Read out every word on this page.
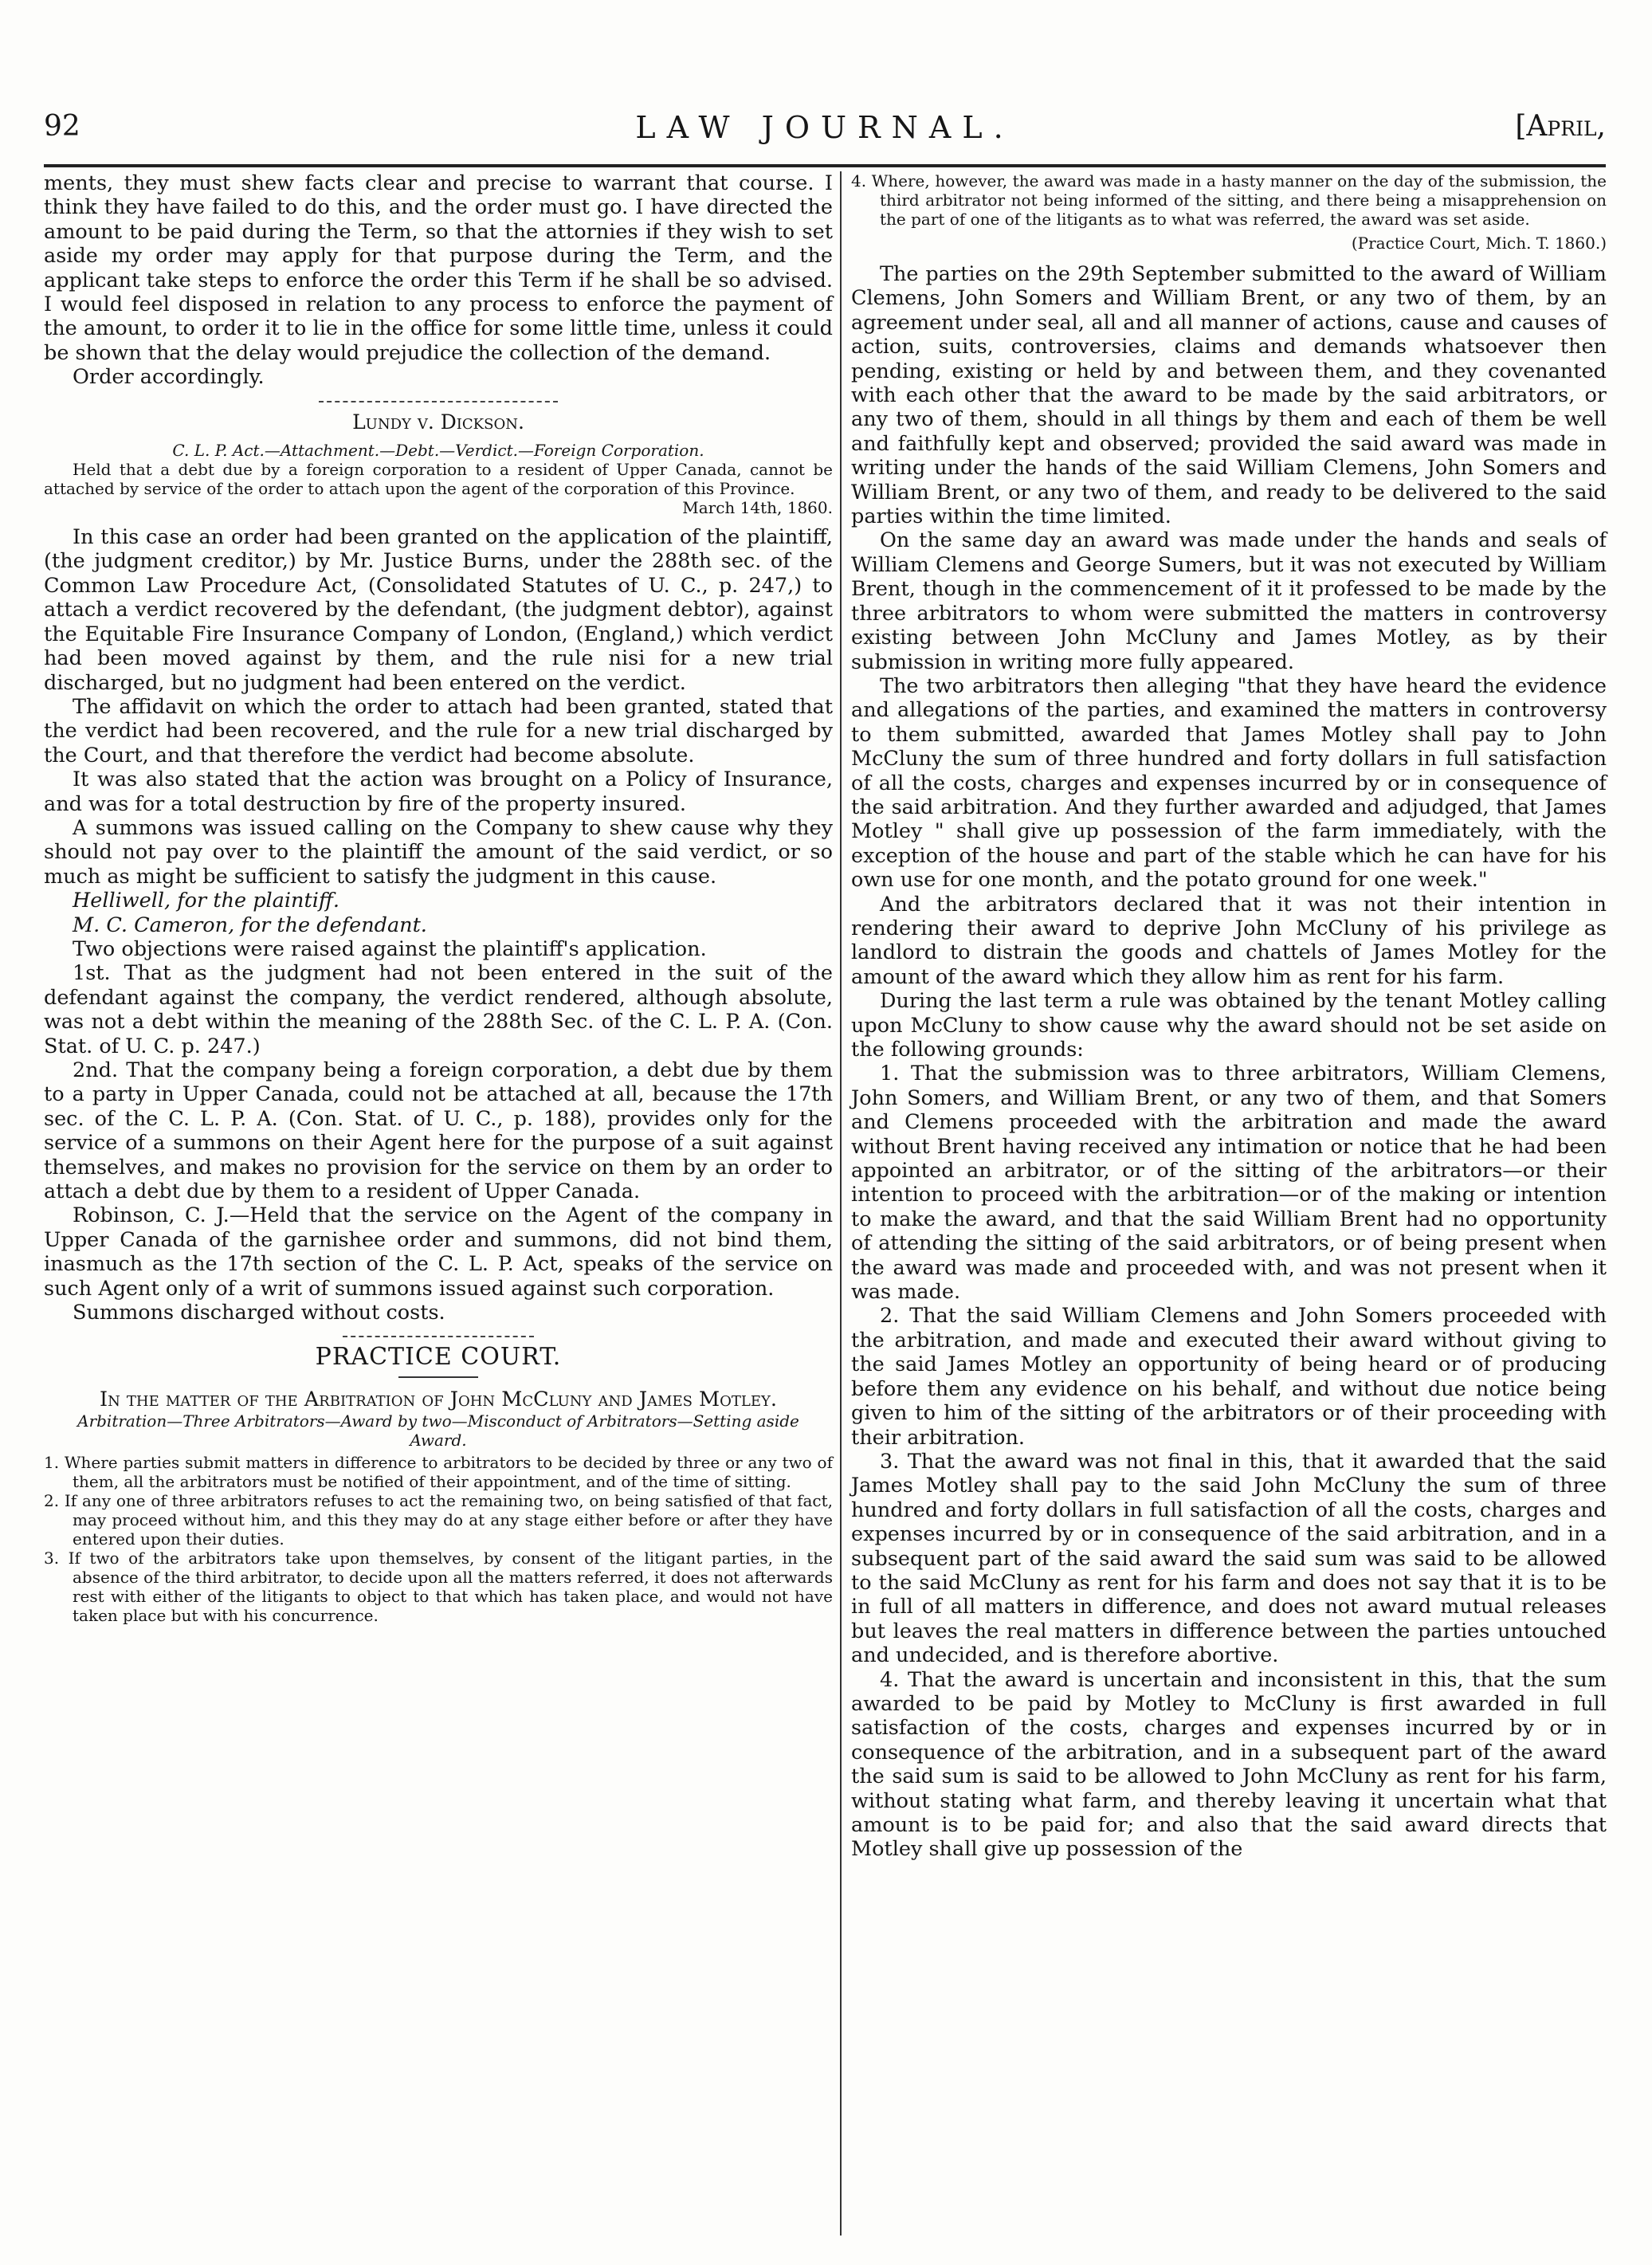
92	LAW JOURNAL.	[April,

ments, they must shew facts clear and precise to warrant that course. I think they have failed to do this, and the order must go. I have directed the amount to be paid during the Term, so that the attornies if they wish to set aside my order may apply for that purpose during the Term, and the applicant take steps to enforce the order this Term if he shall be so advised. I would feel disposed in relation to any process to enforce the payment of the amount, to order it to lie in the office for some little time, unless it could be shown that the delay would prejudice the collection of the demand.

Order accordingly.

Lundy v. Dickson.

C. L. P. Act.—Attachment.—Debt.—Verdict.—Foreign Corporation.

Held that a debt due by a foreign corporation to a resident of Upper Canada, cannot be attached by service of the order to attach upon the agent of the corporation of this Province.

March 14th, 1860.

In this case an order had been granted on the application of the plaintiff, (the judgment creditor,) by Mr. Justice Burns, under the 288th sec. of the Common Law Procedure Act, (Consolidated Statutes of U. C., p. 247,) to attach a verdict recovered by the defendant, (the judgment debtor), against the Equitable Fire Insurance Company of London, (England,) which verdict had been moved against by them, and the rule nisi for a new trial discharged, but no judgment had been entered on the verdict.

The affidavit on which the order to attach had been granted, stated that the verdict had been recovered, and the rule for a new trial discharged by the Court, and that therefore the verdict had become absolute.

It was also stated that the action was brought on a Policy of Insurance, and was for a total destruction by fire of the property insured.

A summons was issued calling on the Company to shew cause why they should not pay over to the plaintiff the amount of the said verdict, or so much as might be sufficient to satisfy the judgment in this cause.

Helliwell, for the plaintiff.

M. C. Cameron, for the defendant.

Two objections were raised against the plaintiff's application.

1st. That as the judgment had not been entered in the suit of the defendant against the company, the verdict rendered, although absolute, was not a debt within the meaning of the 288th Sec. of the C. L. P. A. (Con. Stat. of U. C. p. 247.)

2nd. That the company being a foreign corporation, a debt due by them to a party in Upper Canada, could not be attached at all, because the 17th sec. of the C. L. P. A. (Con. Stat. of U. C., p. 188), provides only for the service of a summons on their Agent here for the purpose of a suit against themselves, and makes no provision for the service on them by an order to attach a debt due by them to a resident of Upper Canada.

Robinson, C. J.—Held that the service on the Agent of the company in Upper Canada of the garnishee order and summons, did not bind them, inasmuch as the 17th section of the C. L. P. Act, speaks of the service on such Agent only of a writ of summons issued against such corporation.

Summons discharged without costs.

PRACTICE COURT.

In the matter of the Arbitration of John McCluny and James Motley.

Arbitration—Three Arbitrators—Award by two—Misconduct of Arbitrators—Setting aside Award.

1. Where parties submit matters in difference to arbitrators to be decided by three or any two of them, all the arbitrators must be notified of their appointment, and of the time of sitting.

2. If any one of three arbitrators refuses to act the remaining two, on being satisfied of that fact, may proceed without him, and this they may do at any stage either before or after they have entered upon their duties.

3. If two of the arbitrators take upon themselves, by consent of the litigant parties, in the absence of the third arbitrator, to decide upon all the matters referred, it does not afterwards rest with either of the litigants to object to that which has taken place, and would not have taken place but with his concurrence.

4. Where, however, the award was made in a hasty manner on the day of the submission, the third arbitrator not being informed of the sitting, and there being a misapprehension on the part of one of the litigants as to what was referred, the award was set aside.

(Practice Court, Mich. T. 1860.)

The parties on the 29th September submitted to the award of William Clemens, John Somers and William Brent, or any two of them, by an agreement under seal, all and all manner of actions, cause and causes of action, suits, controversies, claims and demands whatsoever then pending, existing or held by and between them, and they covenanted with each other that the award to be made by the said arbitrators, or any two of them, should in all things by them and each of them be well and faithfully kept and observed; provided the said award was made in writing under the hands of the said William Clemens, John Somers and William Brent, or any two of them, and ready to be delivered to the said parties within the time limited.

On the same day an award was made under the hands and seals of William Clemens and George Sumers, but it was not executed by William Brent, though in the commencement of it it professed to be made by the three arbitrators to whom were submitted the matters in controversy existing between John McCluny and James Motley, as by their submission in writing more fully appeared.

The two arbitrators then alleging "that they have heard the evidence and allegations of the parties, and examined the matters in controversy to them submitted, awarded that James Motley shall pay to John McCluny the sum of three hundred and forty dollars in full satisfaction of all the costs, charges and expenses incurred by or in consequence of the said arbitration. And they further awarded and adjudged, that James Motley " shall give up possession of the farm immediately, with the exception of the house and part of the stable which he can have for his own use for one month, and the potato ground for one week."

And the arbitrators declared that it was not their intention in rendering their award to deprive John McCluny of his privilege as landlord to distrain the goods and chattels of James Motley for the amount of the award which they allow him as rent for his farm.

During the last term a rule was obtained by the tenant Motley calling upon McCluny to show cause why the award should not be set aside on the following grounds:

1. That the submission was to three arbitrators, William Clemens, John Somers, and William Brent, or any two of them, and that Somers and Clemens proceeded with the arbitration and made the award without Brent having received any intimation or notice that he had been appointed an arbitrator, or of the sitting of the arbitrators—or their intention to proceed with the arbitration—or of the making or intention to make the award, and that the said William Brent had no opportunity of attending the sitting of the said arbitrators, or of being present when the award was made and proceeded with, and was not present when it was made.

2. That the said William Clemens and John Somers proceeded with the arbitration, and made and executed their award without giving to the said James Motley an opportunity of being heard or of producing before them any evidence on his behalf, and without due notice being given to him of the sitting of the arbitrators or of their proceeding with their arbitration.

3. That the award was not final in this, that it awarded that the said James Motley shall pay to the said John McCluny the sum of three hundred and forty dollars in full satisfaction of all the costs, charges and expenses incurred by or in consequence of the said arbitration, and in a subsequent part of the said award the said sum was said to be allowed to the said McCluny as rent for his farm and does not say that it is to be in full of all matters in difference, and does not award mutual releases but leaves the real matters in difference between the parties untouched and undecided, and is therefore abortive.

4. That the award is uncertain and inconsistent in this, that the sum awarded to be paid by Motley to McCluny is first awarded in full satisfaction of the costs, charges and expenses incurred by or in consequence of the arbitration, and in a subsequent part of the award the said sum is said to be allowed to John McCluny as rent for his farm, without stating what farm, and thereby leaving it uncertain what that amount is to be paid for; and also that the said award directs that Motley shall give up possession of the
